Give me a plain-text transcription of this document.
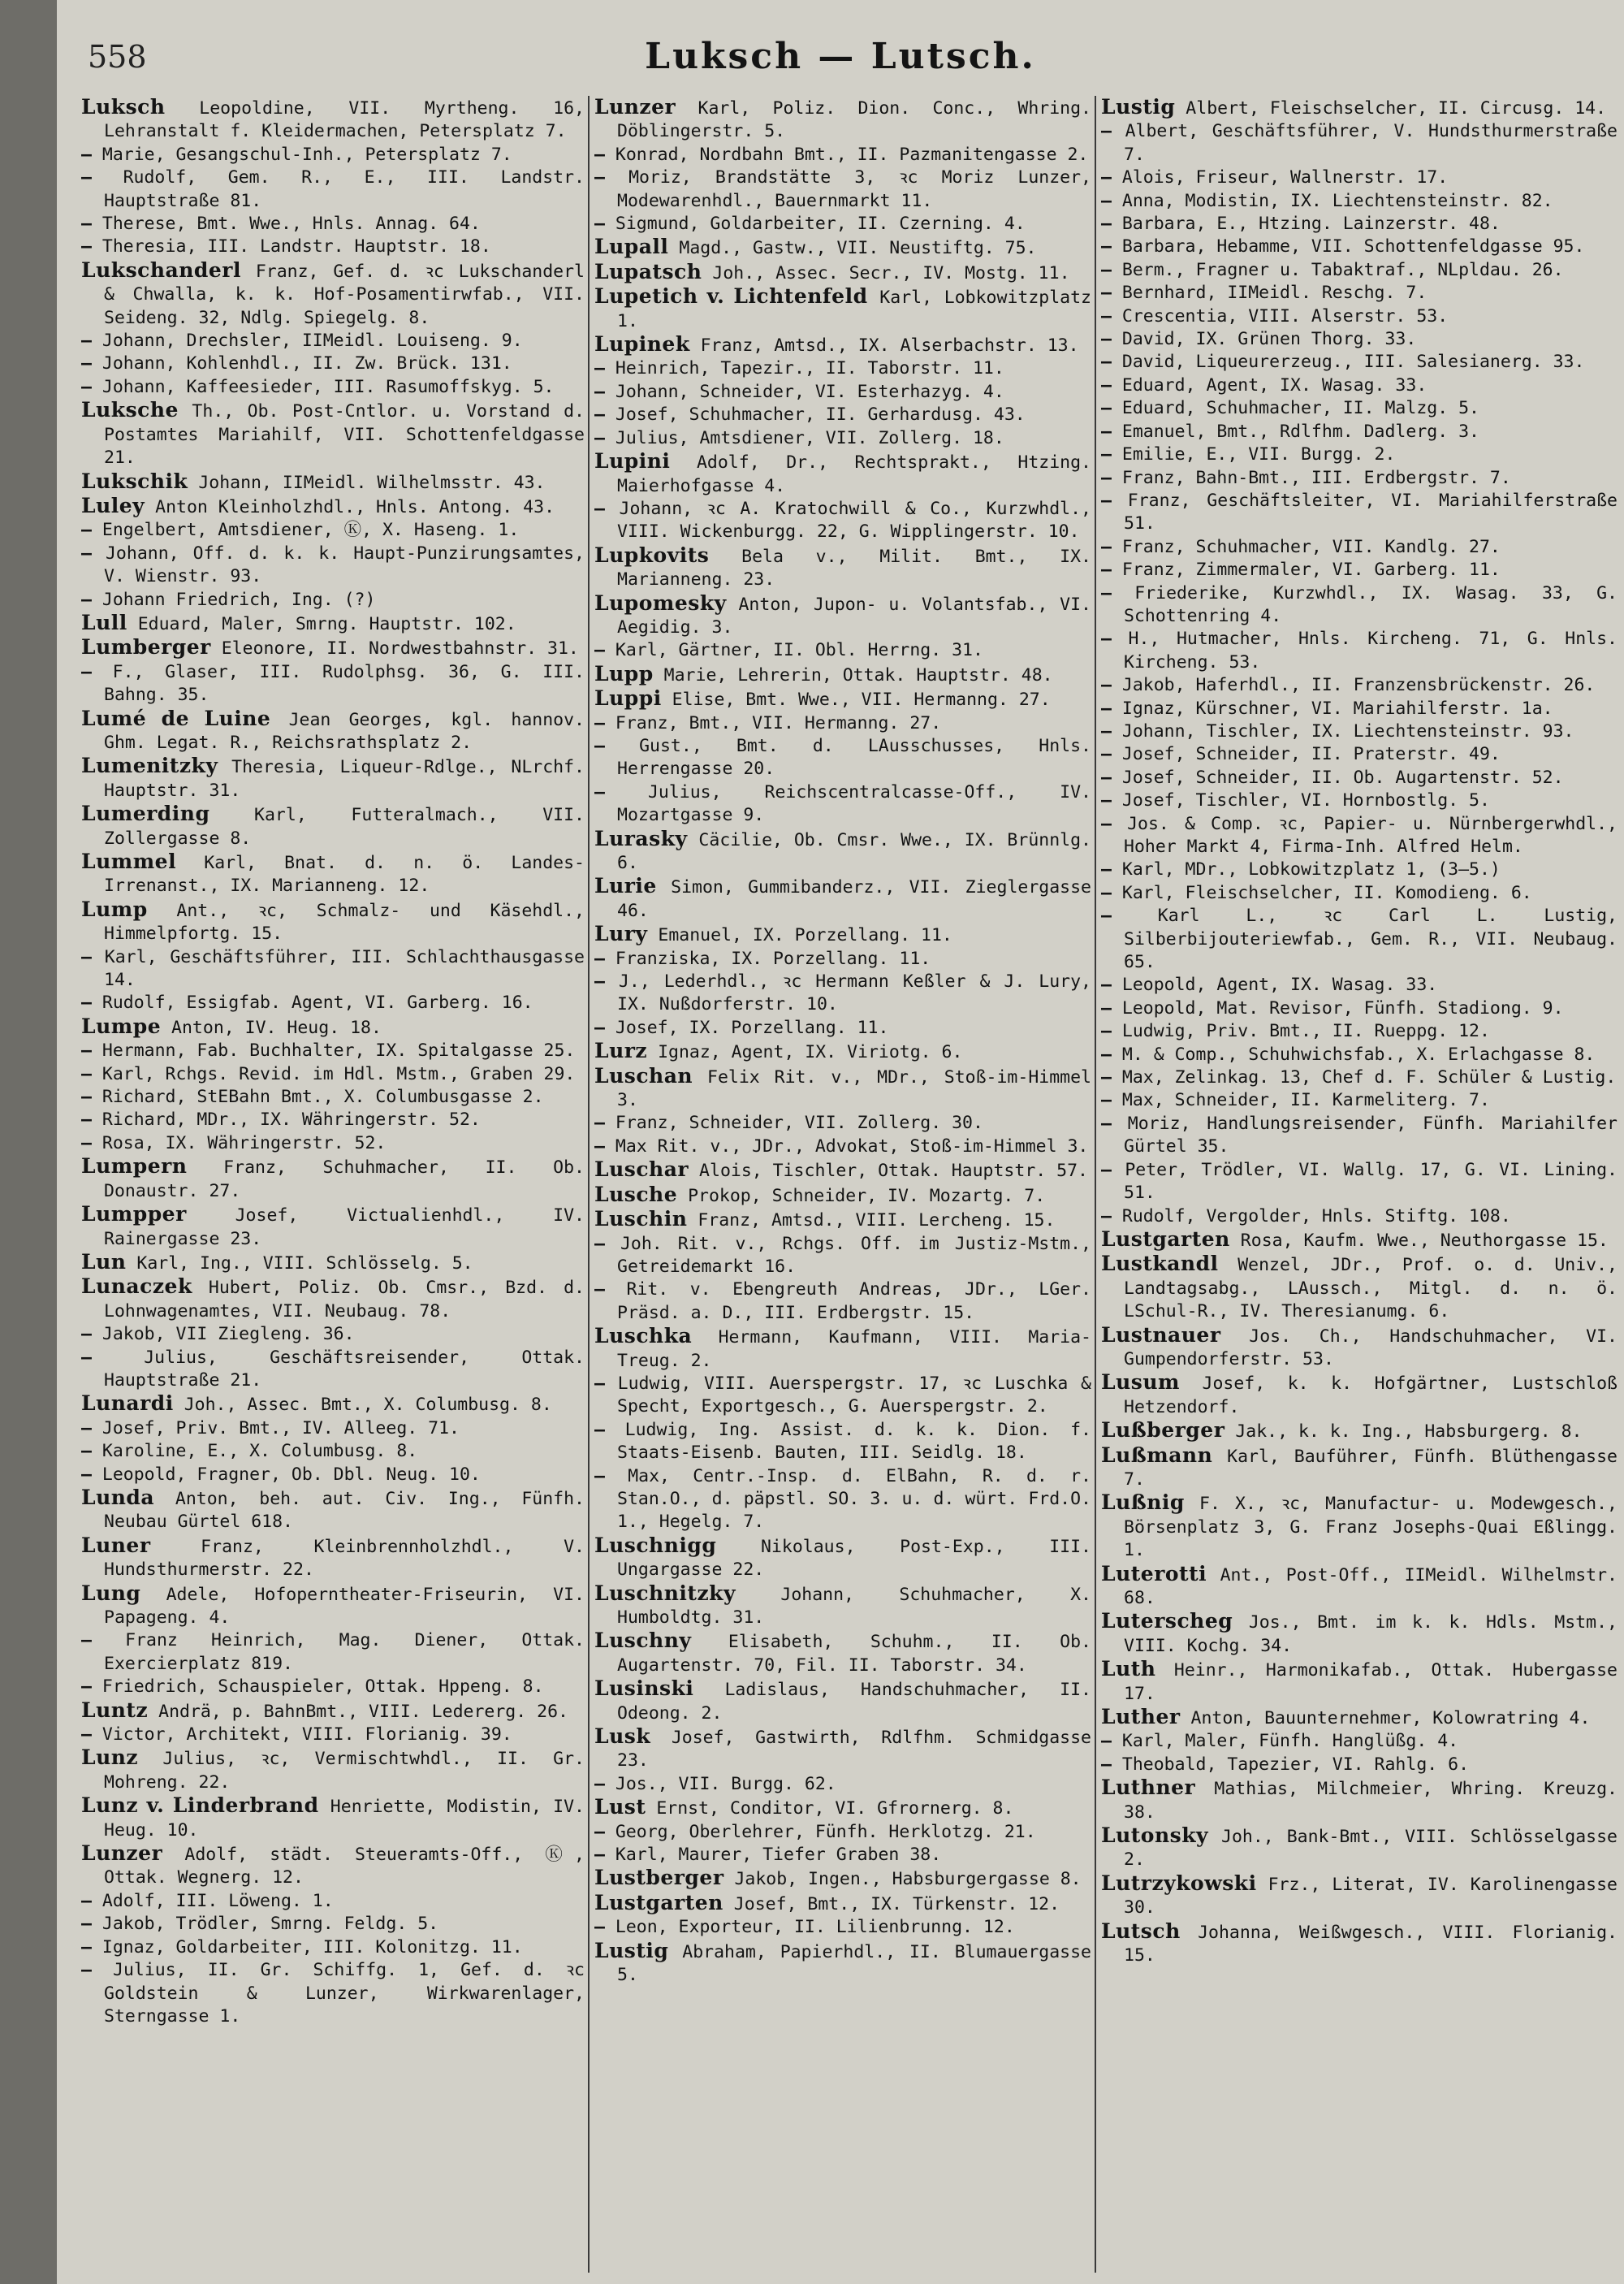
558	Luksch — Lutsch.
Luksch Leopoldine, VII. Myrtheng. 16, Lehranstalt f. Kleidermachen, Petersplatz 7.
— Marie, Gesangschul-Inh., Petersplatz 7.
— Rudolf, Gem. R., E., III. Landstr. Hauptstraße 81.
— Therese, Bmt. Wwe., Hnls. Annag. 64.
— Theresia, III. Landstr. Hauptstr. 18.
Lukschanderl Franz, Gef. d. ꝛc Lukschanderl & Chwalla, k. k. Hof-Posamentirwfab., VII. Seideng. 32, Ndlg. Spiegelg. 8.
— Johann, Drechsler, IIMeidl. Louiseng. 9.
— Johann, Kohlenhdl., II. Zw. Brück. 131.
— Johann, Kaffeesieder, III. Rasumoffskyg. 5.
Luksche Th., Ob. Post-Cntlor. u. Vorstand d. Postamtes Mariahilf, VII. Schottenfeldgasse 21.
Lukschik Johann, IIMeidl. Wilhelmsstr. 43.
Luley Anton Kleinholzhdl., Hnls. Antong. 43.
— Engelbert, Amtsdiener, Ⓚ, X. Haseng. 1.
— Johann, Off. d. k. k. Haupt-Punzirungsamtes, V. Wienstr. 93.
— Johann Friedrich, Ing. (?)
Lull Eduard, Maler, Smrng. Hauptstr. 102.
Lumberger Eleonore, II. Nordwestbahnstr. 31.
— F., Glaser, III. Rudolphsg. 36, G. III. Bahng. 35.
Lumé de Luine Jean Georges, kgl. hannov. Ghm. Legat. R., Reichsrathsplatz 2.
Lumenitzky Theresia, Liqueur-Rdlge., NLrchf. Hauptstr. 31.
Lumerding Karl, Futteralmach., VII. Zollergasse 8.
Lummel Karl, Bnat. d. n. ö. Landes-Irrenanst., IX. Marianneng. 12.
Lump Ant., ꝛc, Schmalz- und Käsehdl., Himmelpfortg. 15.
— Karl, Geschäftsführer, III. Schlachthausgasse 14.
— Rudolf, Essigfab. Agent, VI. Garberg. 16.
Lumpe Anton, IV. Heug. 18.
— Hermann, Fab. Buchhalter, IX. Spitalgasse 25.
— Karl, Rchgs. Revid. im Hdl. Mstm., Graben 29.
— Richard, StEBahn Bmt., X. Columbusgasse 2.
— Richard, MDr., IX. Währingerstr. 52.
— Rosa, IX. Währingerstr. 52.
Lumpern Franz, Schuhmacher, II. Ob. Donaustr. 27.
Lumpper Josef, Victualienhdl., IV. Rainergasse 23.
Lun Karl, Ing., VIII. Schlösselg. 5.
Lunaczek Hubert, Poliz. Ob. Cmsr., Bzd. d. Lohnwagenamtes, VII. Neubaug. 78.
— Jakob, VII Ziegleng. 36.
— Julius, Geschäftsreisender, Ottak. Hauptstraße 21.
Lunardi Joh., Assec. Bmt., X. Columbusg. 8.
— Josef, Priv. Bmt., IV. Alleeg. 71.
— Karoline, E., X. Columbusg. 8.
— Leopold, Fragner, Ob. Dbl. Neug. 10.
Lunda Anton, beh. aut. Civ. Ing., Fünfh. Neubau Gürtel 618.
Luner Franz, Kleinbrennholzhdl., V. Hundsthurmerstr. 22.
Lung Adele, Hofoperntheater-Friseurin, VI. Papageng. 4.
— Franz Heinrich, Mag. Diener, Ottak. Exercierplatz 819.
— Friedrich, Schauspieler, Ottak. Hppeng. 8.
Luntz Andrä, p. BahnBmt., VIII. Ledererg. 26.
— Victor, Architekt, VIII. Florianig. 39.
Lunz Julius, ꝛc, Vermischtwhdl., II. Gr. Mohreng. 22.
Lunz v. Linderbrand Henriette, Modistin, IV. Heug. 10.
Lunzer Adolf, städt. Steueramts-Off., Ⓚ, Ottak. Wegnerg. 12.
— Adolf, III. Löweng. 1.
— Jakob, Trödler, Smrng. Feldg. 5.
— Ignaz, Goldarbeiter, III. Kolonitzg. 11.
— Julius, II. Gr. Schiffg. 1, Gef. d. ꝛc Goldstein & Lunzer, Wirkwarenlager, Sterngasse 1.
Lunzer Karl, Poliz. Dion. Conc., Whring. Döblingerstr. 5.
— Konrad, Nordbahn Bmt., II. Pazmanitengasse 2.
— Moriz, Brandstätte 3, ꝛc Moriz Lunzer, Modewarenhdl., Bauernmarkt 11.
— Sigmund, Goldarbeiter, II. Czerning. 4.
Lupall Magd., Gastw., VII. Neustiftg. 75.
Lupatsch Joh., Assec. Secr., IV. Mostg. 11.
Lupetich v. Lichtenfeld Karl, Lobkowitzplatz 1.
Lupinek Franz, Amtsd., IX. Alserbachstr. 13.
— Heinrich, Tapezir., II. Taborstr. 11.
— Johann, Schneider, VI. Esterhazyg. 4.
— Josef, Schuhmacher, II. Gerhardusg. 43.
— Julius, Amtsdiener, VII. Zollerg. 18.
Lupini Adolf, Dr., Rechtsprakt., Htzing. Maierhofgasse 4.
— Johann, ꝛc A. Kratochwill & Co., Kurzwhdl., VIII. Wickenburgg. 22, G. Wipplingerstr. 10.
Lupkovits Bela v., Milit. Bmt., IX. Marianneng. 23.
Lupomesky Anton, Jupon- u. Volantsfab., VI. Aegidig. 3.
— Karl, Gärtner, II. Obl. Herrng. 31.
Lupp Marie, Lehrerin, Ottak. Hauptstr. 48.
Luppi Elise, Bmt. Wwe., VII. Hermanng. 27.
— Franz, Bmt., VII. Hermanng. 27.
— Gust., Bmt. d. LAusschusses, Hnls. Herrengasse 20.
— Julius, Reichscentralcasse-Off., IV. Mozartgasse 9.
Lurasky Cäcilie, Ob. Cmsr. Wwe., IX. Brünnlg. 6.
Lurie Simon, Gummibanderz., VII. Zieglergasse 46.
Lury Emanuel, IX. Porzellang. 11.
— Franziska, IX. Porzellang. 11.
— J., Lederhdl., ꝛc Hermann Keßler & J. Lury, IX. Nußdorferstr. 10.
— Josef, IX. Porzellang. 11.
Lurz Ignaz, Agent, IX. Viriotg. 6.
Luschan Felix Rit. v., MDr., Stoß-im-Himmel 3.
— Franz, Schneider, VII. Zollerg. 30.
— Max Rit. v., JDr., Advokat, Stoß-im-Himmel 3.
Luschar Alois, Tischler, Ottak. Hauptstr. 57.
Lusche Prokop, Schneider, IV. Mozartg. 7.
Luschin Franz, Amtsd., VIII. Lercheng. 15.
— Joh. Rit. v., Rchgs. Off. im Justiz-Mstm., Getreidemarkt 16.
— Rit. v. Ebengreuth Andreas, JDr., LGer. Präsd. a. D., III. Erdbergstr. 15.
Luschka Hermann, Kaufmann, VIII. Maria-Treug. 2.
— Ludwig, VIII. Auerspergstr. 17, ꝛc Luschka & Specht, Exportgesch., G. Auerspergstr. 2.
— Ludwig, Ing. Assist. d. k. k. Dion. f. Staats-Eisenb. Bauten, III. Seidlg. 18.
— Max, Centr.-Insp. d. ElBahn, R. d. r. Stan.O., d. päpstl. SO. 3. u. d. würt. Frd.O. 1., Hegelg. 7.
Luschnigg Nikolaus, Post-Exp., III. Ungargasse 22.
Luschnitzky Johann, Schuhmacher, X. Humboldtg. 31.
Luschny Elisabeth, Schuhm., II. Ob. Augartenstr. 70, Fil. II. Taborstr. 34.
Lusinski Ladislaus, Handschuhmacher, II. Odeong. 2.
Lusk Josef, Gastwirth, Rdlfhm. Schmidgasse 23.
— Jos., VII. Burgg. 62.
Lust Ernst, Conditor, VI. Gfrornerg. 8.
— Georg, Oberlehrer, Fünfh. Herklotzg. 21.
— Karl, Maurer, Tiefer Graben 38.
Lustberger Jakob, Ingen., Habsburgergasse 8.
Lustgarten Josef, Bmt., IX. Türkenstr. 12.
— Leon, Exporteur, II. Lilienbrunng. 12.
Lustig Abraham, Papierhdl., II. Blumauergasse 5.
Lustig Albert, Fleischselcher, II. Circusg. 14.
— Albert, Geschäftsführer, V. Hundsthurmerstraße 7.
— Alois, Friseur, Wallnerstr. 17.
— Anna, Modistin, IX. Liechtensteinstr. 82.
— Barbara, E., Htzing. Lainzerstr. 48.
— Barbara, Hebamme, VII. Schottenfeldgasse 95.
— Berm., Fragner u. Tabaktraf., NLpldau. 26.
— Bernhard, IIMeidl. Reschg. 7.
— Crescentia, VIII. Alserstr. 53.
— David, IX. Grünen Thorg. 33.
— David, Liqueurerzeug., III. Salesianerg. 33.
— Eduard, Agent, IX. Wasag. 33.
— Eduard, Schuhmacher, II. Malzg. 5.
— Emanuel, Bmt., Rdlfhm. Dadlerg. 3.
— Emilie, E., VII. Burgg. 2.
— Franz, Bahn-Bmt., III. Erdbergstr. 7.
— Franz, Geschäftsleiter, VI. Mariahilferstraße 51.
— Franz, Schuhmacher, VII. Kandlg. 27.
— Franz, Zimmermaler, VI. Garberg. 11.
— Friederike, Kurzwhdl., IX. Wasag. 33, G. Schottenring 4.
— H., Hutmacher, Hnls. Kircheng. 71, G. Hnls. Kircheng. 53.
— Jakob, Haferhdl., II. Franzensbrückenstr. 26.
— Ignaz, Kürschner, VI. Mariahilferstr. 1a.
— Johann, Tischler, IX. Liechtensteinstr. 93.
— Josef, Schneider, II. Praterstr. 49.
— Josef, Schneider, II. Ob. Augartenstr. 52.
— Josef, Tischler, VI. Hornbostlg. 5.
— Jos. & Comp. ꝛc, Papier- u. Nürnbergerwhdl., Hoher Markt 4, Firma-Inh. Alfred Helm.
— Karl, MDr., Lobkowitzplatz 1, (3—5.)
— Karl, Fleischselcher, II. Komodieng. 6.
— Karl L., ꝛc Carl L. Lustig, Silberbijouteriewfab., Gem. R., VII. Neubaug. 65.
— Leopold, Agent, IX. Wasag. 33.
— Leopold, Mat. Revisor, Fünfh. Stadiong. 9.
— Ludwig, Priv. Bmt., II. Rueppg. 12.
— M. & Comp., Schuhwichsfab., X. Erlachgasse 8.
— Max, Zelinkag. 13, Chef d. F. Schüler & Lustig.
— Max, Schneider, II. Karmeliterg. 7.
— Moriz, Handlungsreisender, Fünfh. Mariahilfer Gürtel 35.
— Peter, Trödler, VI. Wallg. 17, G. VI. Lining. 51.
— Rudolf, Vergolder, Hnls. Stiftg. 108.
Lustgarten Rosa, Kaufm. Wwe., Neuthorgasse 15.
Lustkandl Wenzel, JDr., Prof. o. d. Univ., Landtagsabg., LAussch., Mitgl. d. n. ö. LSchul-R., IV. Theresianumg. 6.
Lustnauer Jos. Ch., Handschuhmacher, VI. Gumpendorferstr. 53.
Lusum Josef, k. k. Hofgärtner, Lustschloß Hetzendorf.
Lußberger Jak., k. k. Ing., Habsburgerg. 8.
Lußmann Karl, Bauführer, Fünfh. Blüthengasse 7.
Lußnig F. X., ꝛc, Manufactur- u. Modewgesch., Börsenplatz 3, G. Franz Josephs-Quai Eßlingg. 1.
Luterotti Ant., Post-Off., IIMeidl. Wilhelmstr. 68.
Luterscheg Jos., Bmt. im k. k. Hdls. Mstm., VIII. Kochg. 34.
Luth Heinr., Harmonikafab., Ottak. Hubergasse 17.
Luther Anton, Bauunternehmer, Kolowratring 4.
— Karl, Maler, Fünfh. Hanglüßg. 4.
— Theobald, Tapezier, VI. Rahlg. 6.
Luthner Mathias, Milchmeier, Whring. Kreuzg. 38.
Lutonsky Joh., Bank-Bmt., VIII. Schlösselgasse 2.
Lutrzykowski Frz., Literat, IV. Karolinengasse 30.
Lutsch Johanna, Weißwgesch., VIII. Florianig. 15.
